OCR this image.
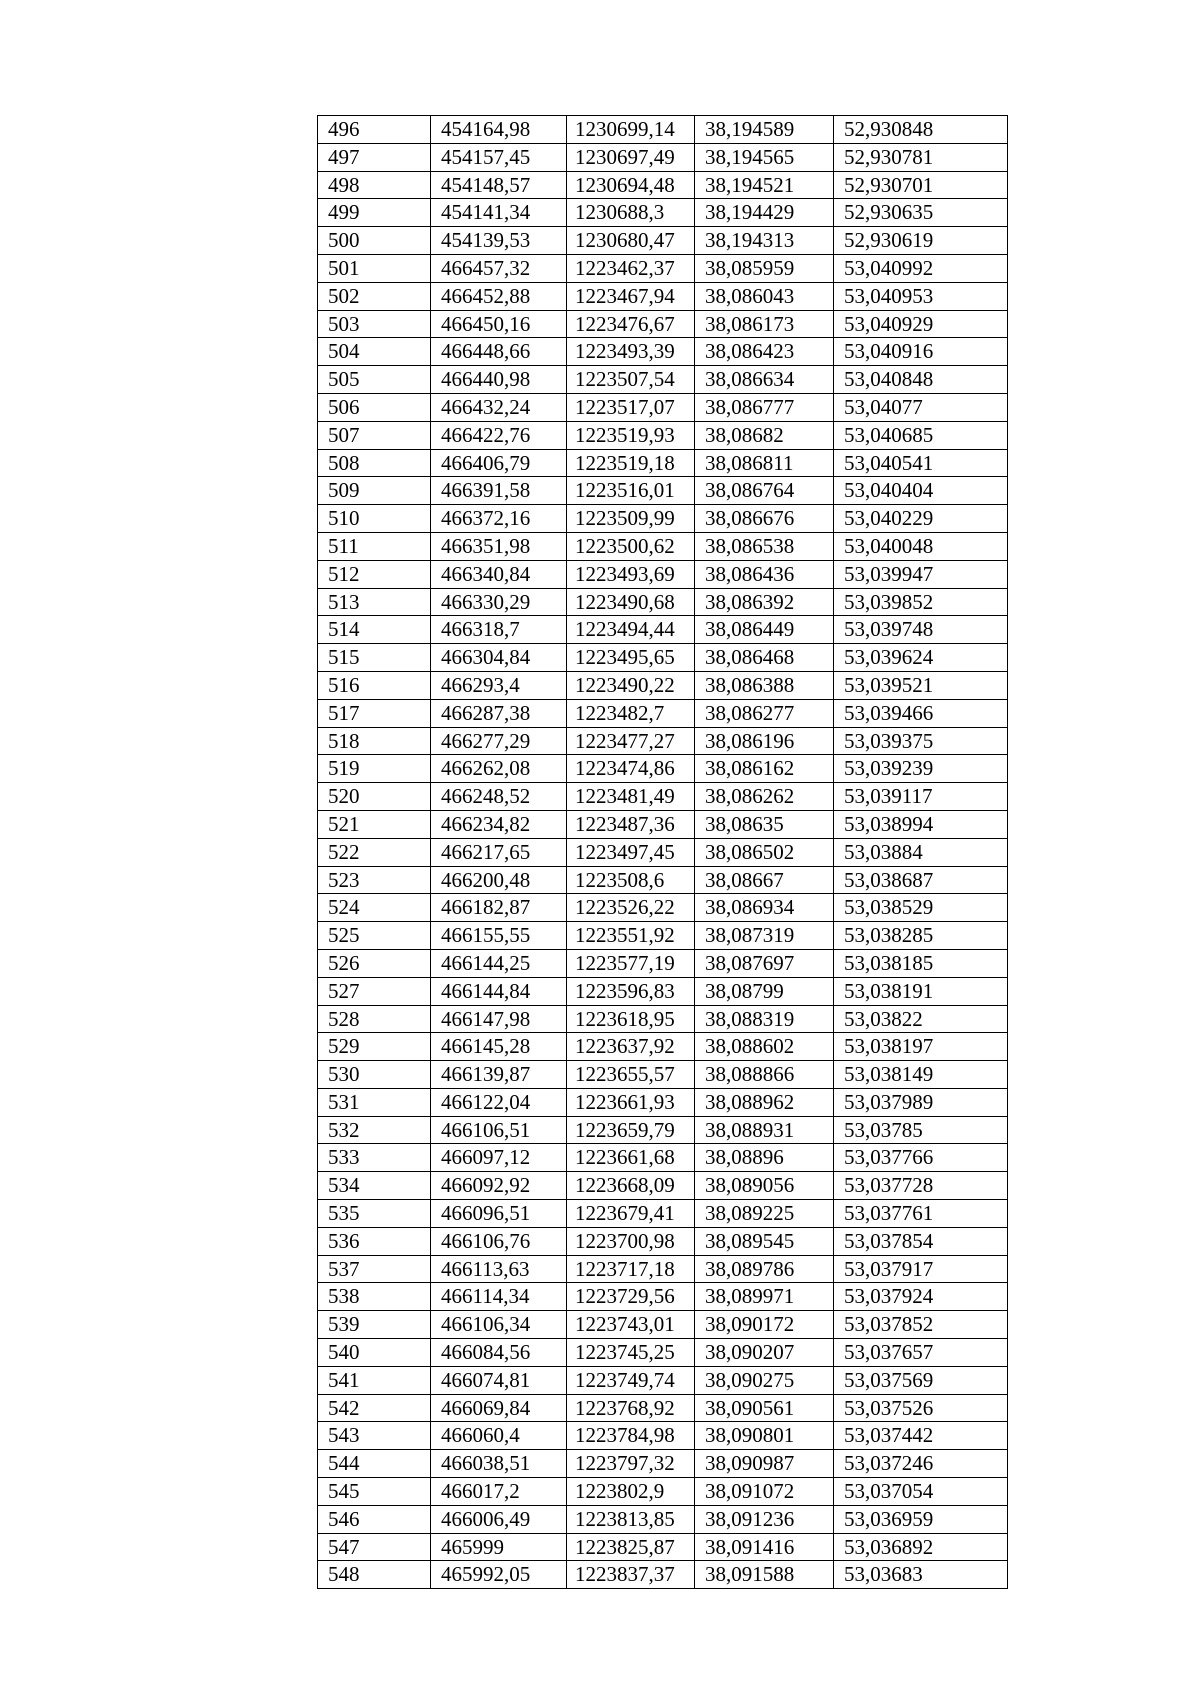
496	454164,98	1230699,14	38,194589	52,930848
497	454157,45	1230697,49	38,194565	52,930781
498	454148,57	1230694,48	38,194521	52,930701
499	454141,34	1230688,3	38,194429	52,930635
500	454139,53	1230680,47	38,194313	52,930619
501	466457,32	1223462,37	38,085959	53,040992
502	466452,88	1223467,94	38,086043	53,040953
503	466450,16	1223476,67	38,086173	53,040929
504	466448,66	1223493,39	38,086423	53,040916
505	466440,98	1223507,54	38,086634	53,040848
506	466432,24	1223517,07	38,086777	53,04077
507	466422,76	1223519,93	38,08682	53,040685
508	466406,79	1223519,18	38,086811	53,040541
509	466391,58	1223516,01	38,086764	53,040404
510	466372,16	1223509,99	38,086676	53,040229
511	466351,98	1223500,62	38,086538	53,040048
512	466340,84	1223493,69	38,086436	53,039947
513	466330,29	1223490,68	38,086392	53,039852
514	466318,7	1223494,44	38,086449	53,039748
515	466304,84	1223495,65	38,086468	53,039624
516	466293,4	1223490,22	38,086388	53,039521
517	466287,38	1223482,7	38,086277	53,039466
518	466277,29	1223477,27	38,086196	53,039375
519	466262,08	1223474,86	38,086162	53,039239
520	466248,52	1223481,49	38,086262	53,039117
521	466234,82	1223487,36	38,08635	53,038994
522	466217,65	1223497,45	38,086502	53,03884
523	466200,48	1223508,6	38,08667	53,038687
524	466182,87	1223526,22	38,086934	53,038529
525	466155,55	1223551,92	38,087319	53,038285
526	466144,25	1223577,19	38,087697	53,038185
527	466144,84	1223596,83	38,08799	53,038191
528	466147,98	1223618,95	38,088319	53,03822
529	466145,28	1223637,92	38,088602	53,038197
530	466139,87	1223655,57	38,088866	53,038149
531	466122,04	1223661,93	38,088962	53,037989
532	466106,51	1223659,79	38,088931	53,03785
533	466097,12	1223661,68	38,08896	53,037766
534	466092,92	1223668,09	38,089056	53,037728
535	466096,51	1223679,41	38,089225	53,037761
536	466106,76	1223700,98	38,089545	53,037854
537	466113,63	1223717,18	38,089786	53,037917
538	466114,34	1223729,56	38,089971	53,037924
539	466106,34	1223743,01	38,090172	53,037852
540	466084,56	1223745,25	38,090207	53,037657
541	466074,81	1223749,74	38,090275	53,037569
542	466069,84	1223768,92	38,090561	53,037526
543	466060,4	1223784,98	38,090801	53,037442
544	466038,51	1223797,32	38,090987	53,037246
545	466017,2	1223802,9	38,091072	53,037054
546	466006,49	1223813,85	38,091236	53,036959
547	465999	1223825,87	38,091416	53,036892
548	465992,05	1223837,37	38,091588	53,03683
